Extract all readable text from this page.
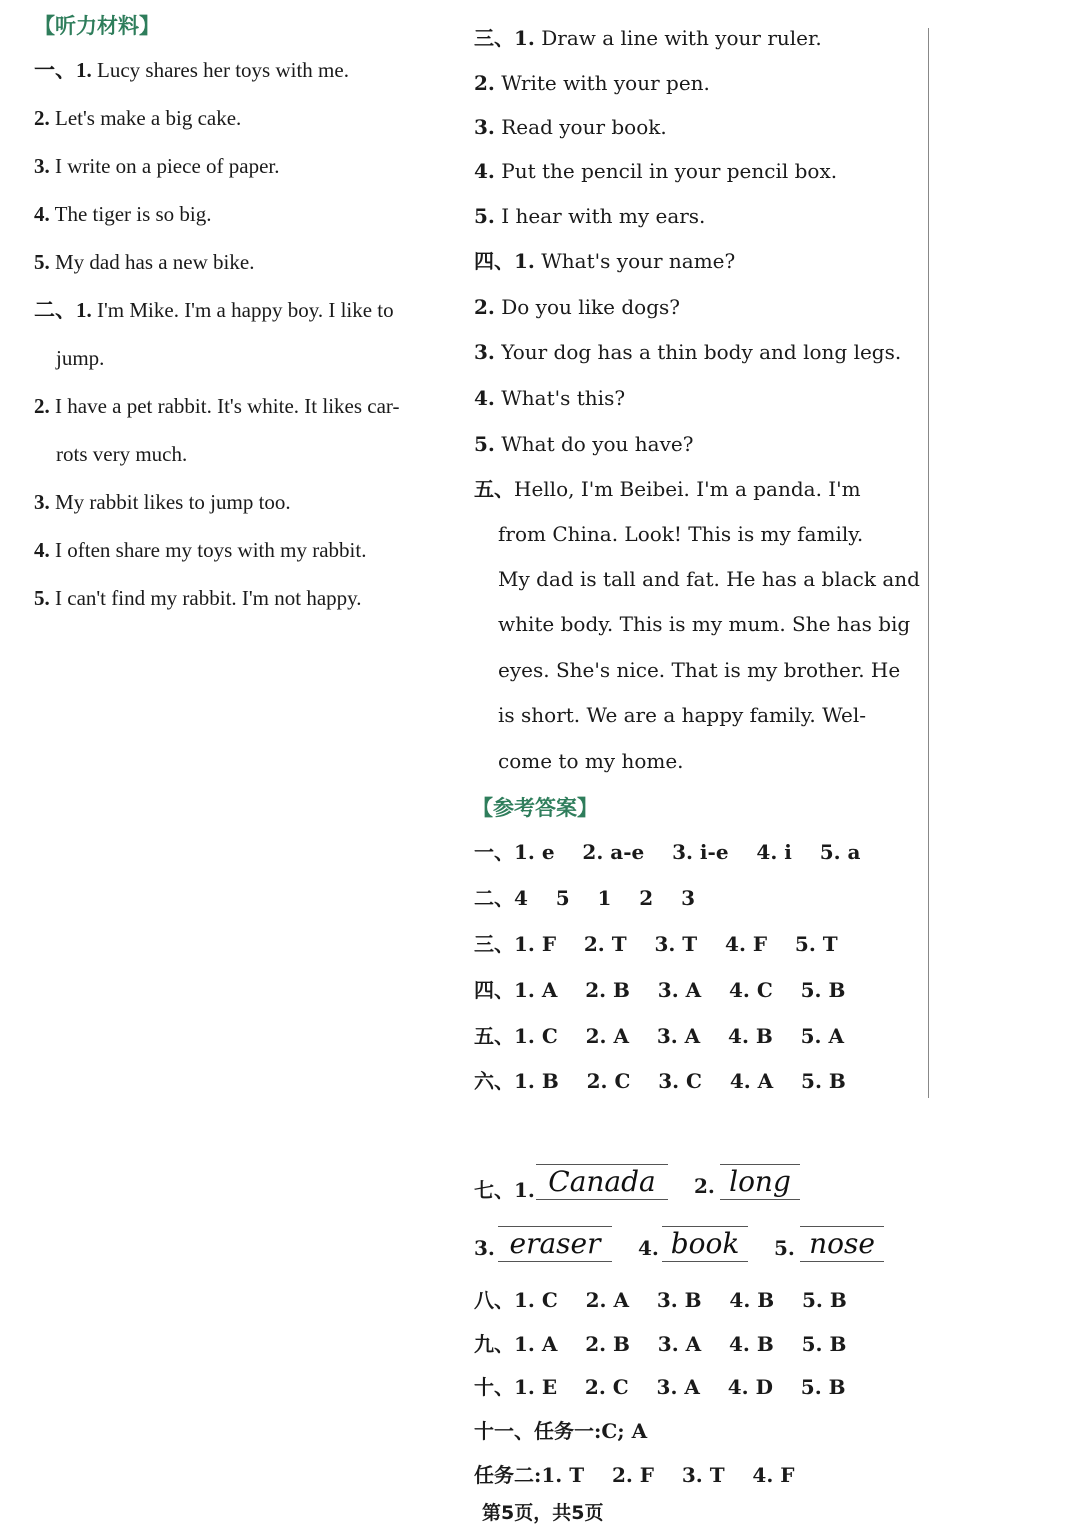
【听力材料】
一、1. Lucy shares her toys with me.
2. Let's make a big cake.
3. I write on a piece of paper.
4. The tiger is so big.
5. My dad has a new bike.
二、1. I'm Mike. I'm a happy boy. I like to
jump.
2. I have a pet rabbit. It's white. It likes car-
rots very much.
3. My rabbit likes to jump too.
4. I often share my toys with my rabbit.
5. I can't find my rabbit. I'm not happy.
三、1. Draw a line with your ruler.
2. Write with your pen.
3. Read your book.
4. Put the pencil in your pencil box.
5. I hear with my ears.
四、1. What's your name?
2. Do you like dogs?
3. Your dog has a thin body and long legs.
4. What's this?
5. What do you have?
五、Hello, I'm Beibei. I'm a panda. I'm
from China. Look! This is my family.
My dad is tall and fat. He has a black and
white body. This is my mum. She has big
eyes. She's nice. That is my brother. He
is short. We are a happy family. Wel-
come to my home.
【参考答案】
一、1. e    2. a-e    3. i-e    4. i    5. a
二、4    5    1    2    3
三、1. F    2. T    3. T    4. F    5. T
四、1. A    2. B    3. A    4. C    5. B
五、1. C    2. A    3. A    4. B    5. A
六、1. B    2. C    3. C    4. A    5. B
七、1. Canada	2. long
3. eraser	4. book	5. nose
八、1. C    2. A    3. B    4. B    5. B
九、1. A    2. B    3. A    4. B    5. B
十、1. E    2. C    3. A    4. D    5. B
十一、任务一:C; A
任务二:1. T    2. F    3. T    4. F
第5页，共5页
